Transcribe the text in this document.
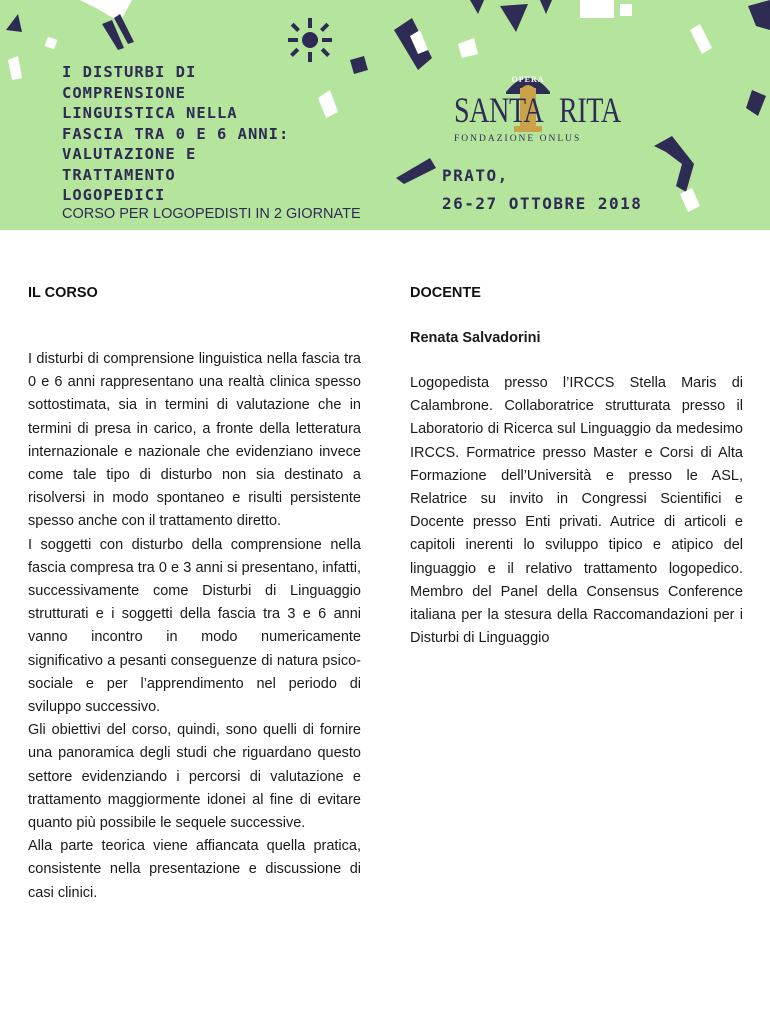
I DISTURBI DI
COMPRENSIONE
LINGUISTICA NELLA
FASCIA TRA 0 E 6 ANNI:
VALUTAZIONE E
TRATTAMENTO
LOGOPEDICI
CORSO PER LOGOPEDISTI IN 2 GIORNATE
OPERA
SANTA RITA
FONDAZIONE ONLUS
PRATO,
26-27 OTTOBRE 2018
IL CORSO

I disturbi di comprensione linguistica nella fascia tra 0 e 6 anni rappresentano una realtà clinica spesso sottostimata, sia in termini di valutazione che in termini di presa in carico, a fronte della letteratura internazionale e nazionale che evidenziano invece come tale tipo di disturbo non sia destinato a risolversi in modo spontaneo e risulti persistente spesso anche con il trattamento diretto.

I soggetti con disturbo della comprensione nella fascia compresa tra 0 e 3 anni si presentano, infatti, successivamente come Disturbi di Linguaggio strutturati e i soggetti della fascia tra 3 e 6 anni vanno incontro in modo numericamente significativo a pesanti conseguenze di natura psico-sociale e per l’apprendimento nel periodo di sviluppo successivo.

Gli obiettivi del corso, quindi, sono quelli di fornire una panoramica degli studi che riguardano questo settore evidenziando i percorsi di valutazione e trattamento maggiormente idonei al fine di evitare quanto più possibile le sequele successive.

Alla parte teorica viene affiancata quella pratica, consistente nella presentazione e discussione di casi clinici.

DOCENTE
Renata Salvadorini
Logopedista presso l’IRCCS Stella Maris di Calambrone. Collaboratrice strutturata presso il Laboratorio di Ricerca sul Linguaggio da medesimo IRCCS. Formatrice presso Master e Corsi di Alta Formazione dell’Università e presso le ASL, Relatrice su invito in Congressi Scientifici e Docente presso Enti privati. Autrice di articoli e capitoli inerenti lo sviluppo tipico e atipico del linguaggio e il relativo trattamento logopedico. Membro del Panel della Consensus Conference italiana per la stesura della Raccomandazioni per i Disturbi di Linguaggio
